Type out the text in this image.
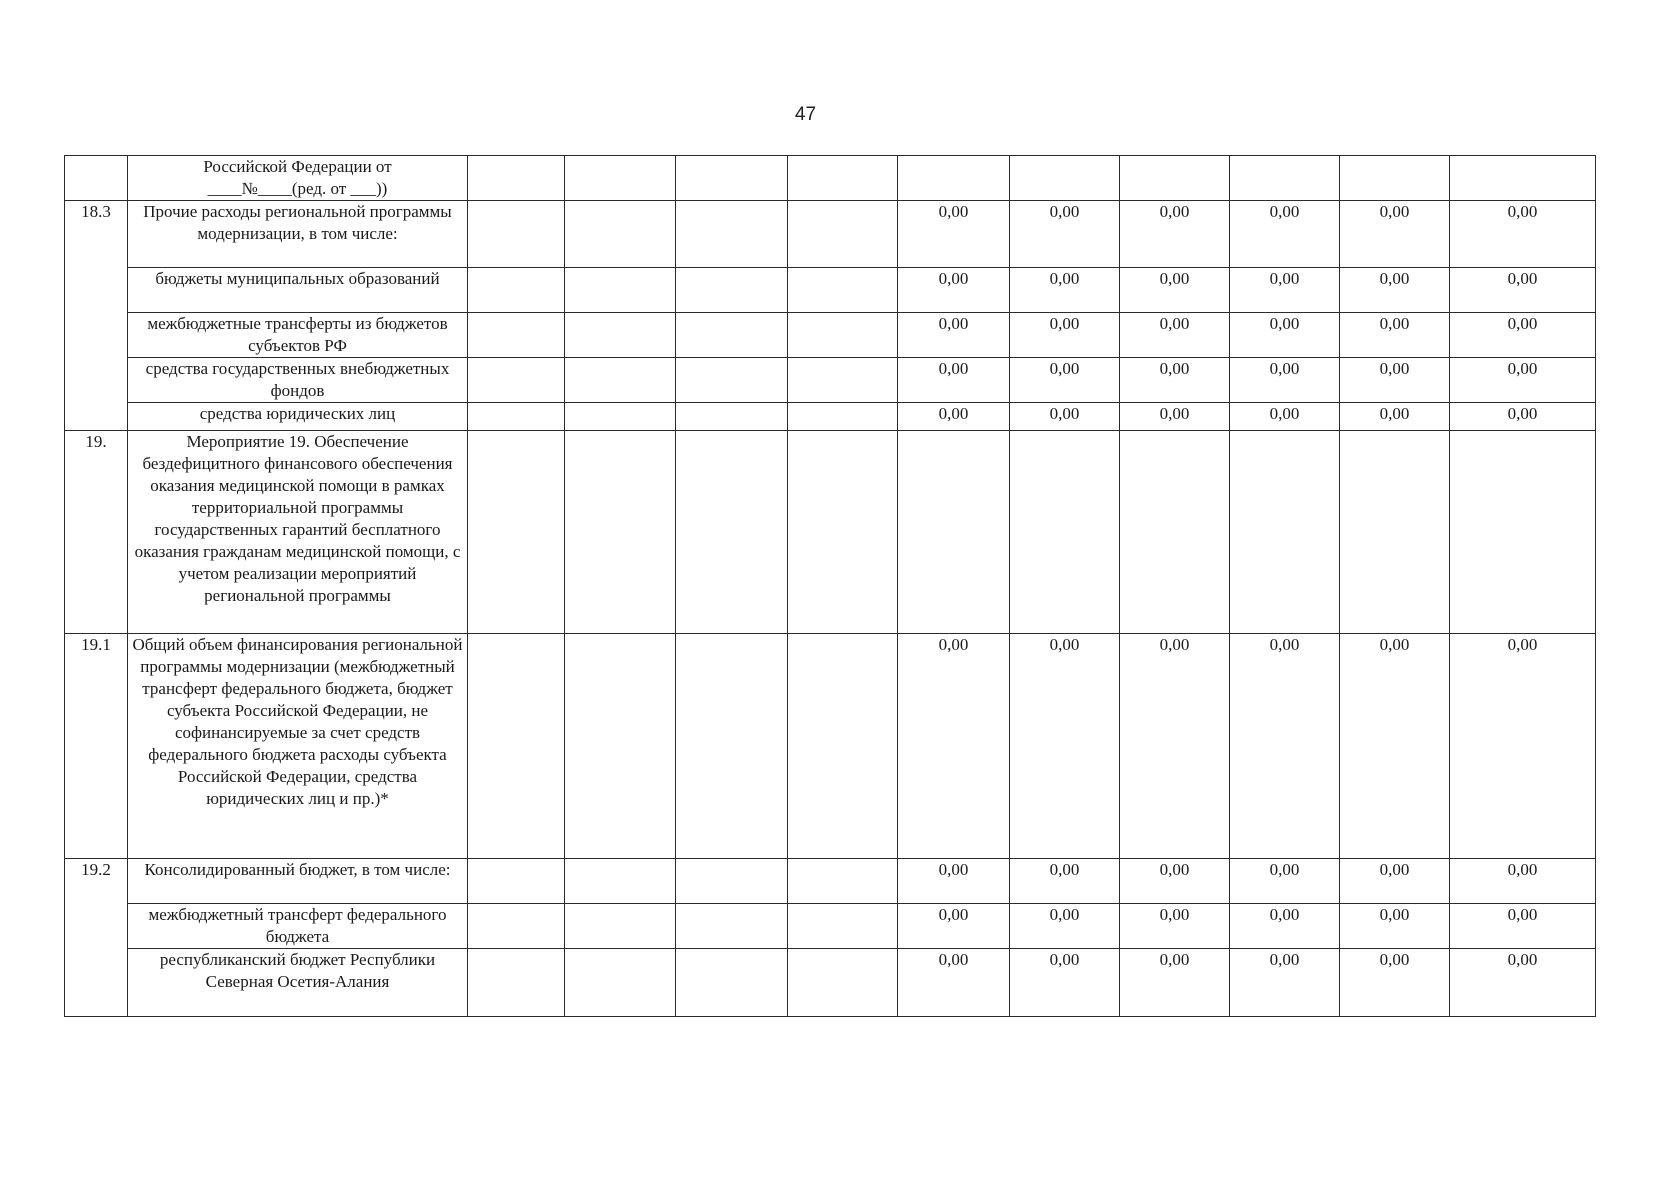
47
	Российской Федерации от
____№____(ред. от ___))										
18.3	Прочие расходы региональной программы модернизации, в том числе:					0,00	0,00	0,00	0,00	0,00	0,00
	бюджеты муниципальных образований					0,00	0,00	0,00	0,00	0,00	0,00
	межбюджетные трансферты из бюджетов субъектов РФ					0,00	0,00	0,00	0,00	0,00	0,00
	средства государственных внебюджетных фондов					0,00	0,00	0,00	0,00	0,00	0,00
	средства юридических лиц					0,00	0,00	0,00	0,00	0,00	0,00
19.	Мероприятие 19. Обеспечение бездефицитного финансового обеспечения оказания медицинской помощи в рамках территориальной программы государственных гарантий бесплатного оказания гражданам медицинской помощи, с учетом реализации мероприятий региональной программы										
19.1	Общий объем финансирования региональной программы модернизации (межбюджетный трансферт федерального бюджета, бюджет субъекта Российской Федерации, не софинансируемые за счет средств федерального бюджета расходы субъекта Российской Федерации, средства юридических лиц и пр.)*					0,00	0,00	0,00	0,00	0,00	0,00
19.2	Консолидированный бюджет, в том числе:					0,00	0,00	0,00	0,00	0,00	0,00
	межбюджетный трансферт федерального бюджета					0,00	0,00	0,00	0,00	0,00	0,00
	республиканский бюджет Республики Северная Осетия-Алания					0,00	0,00	0,00	0,00	0,00	0,00
